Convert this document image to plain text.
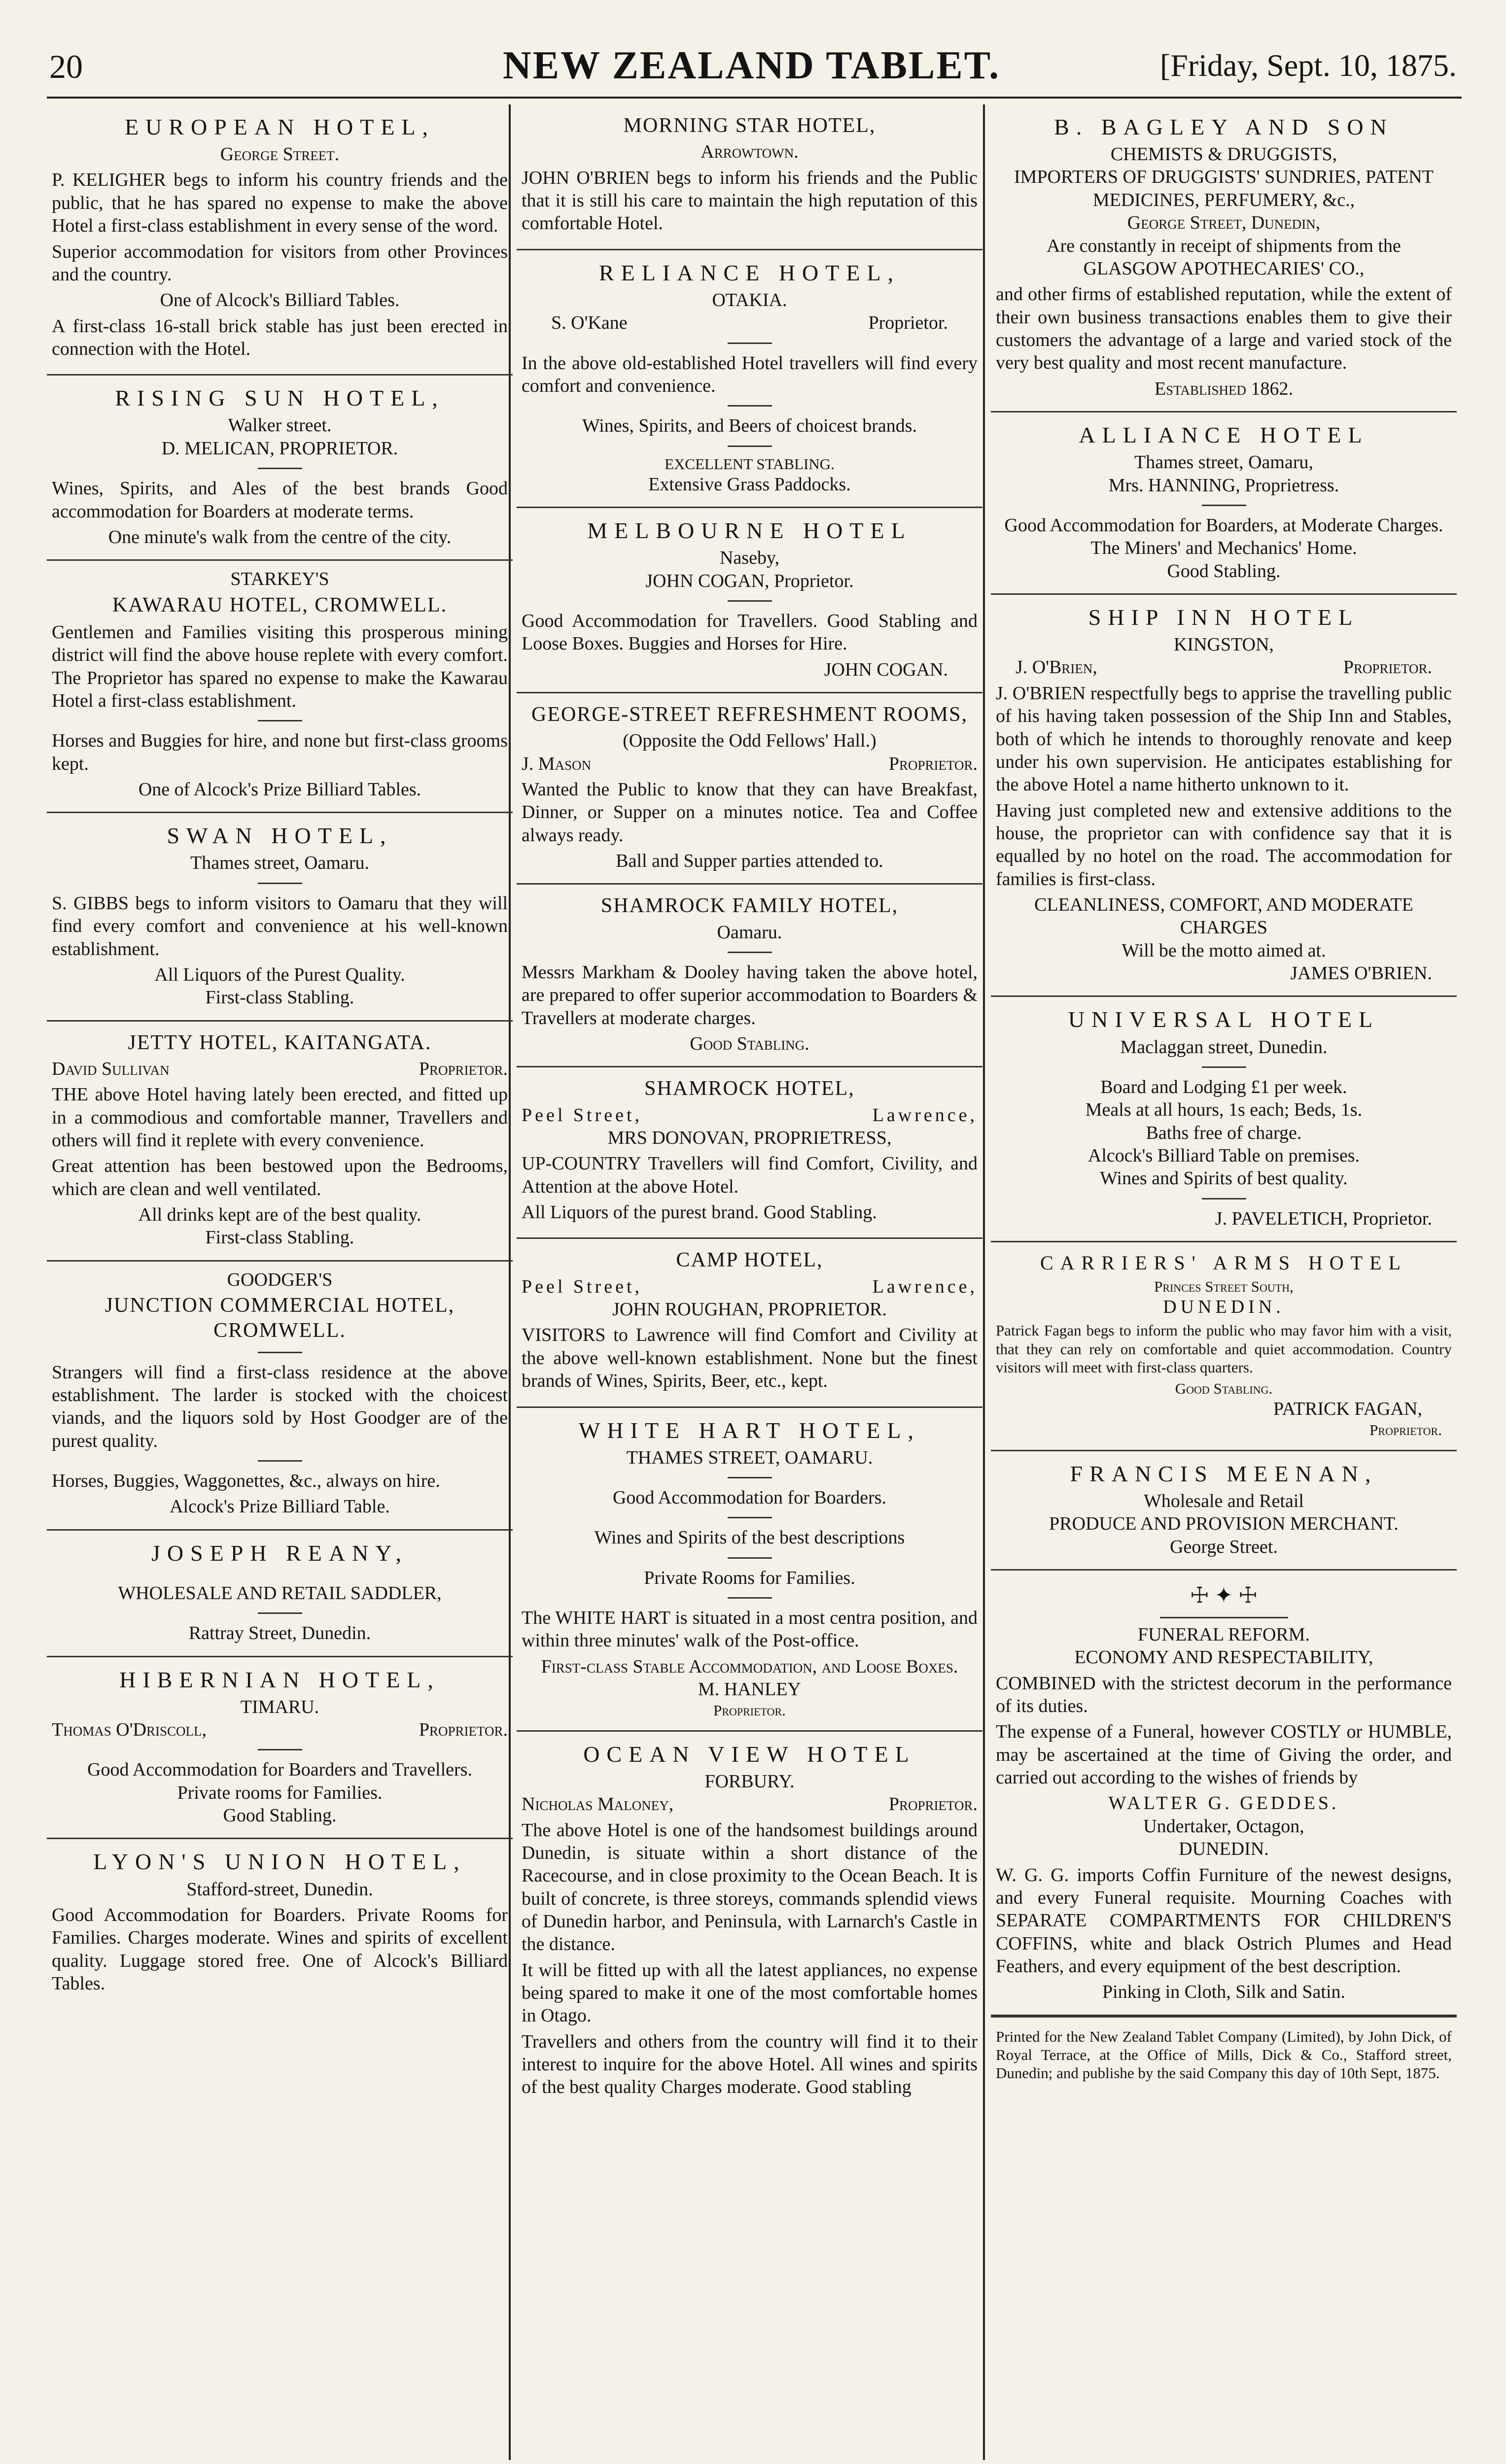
20	NEW ZEALAND TABLET.	[Friday, Sept. 10, 1875.
EUROPEAN HOTEL,
George Street.

P. KELIGHER begs to inform his country friends and the public, that he has spared no expense to make the above Hotel a first-class establishment in every sense of the word.

Superior accommodation for visitors from other Provinces and the country.

One of Alcock's Billiard Tables.

A first-class 16-stall brick stable has just been erected in connection with the Hotel.

RISING SUN HOTEL,
Walker street.
D. MELICAN, PROPRIETOR.

Wines, Spirits, and Ales of the best brands Good accommodation for Boarders at moderate terms.

One minute's walk from the centre of the city.
STARKEY'S
KAWARAU HOTEL, CROMWELL.

Gentlemen and Families visiting this prosperous mining district will find the above house replete with every comfort. The Proprietor has spared no expense to make the Kawarau Hotel a first-class establishment.

Horses and Buggies for hire, and none but first-class grooms kept.

One of Alcock's Prize Billiard Tables.
SWAN HOTEL,
Thames street, Oamaru.

S. GIBBS begs to inform visitors to Oamaru that they will find every comfort and convenience at his well-known establishment.

All Liquors of the Purest Quality.
First-class Stabling.
JETTY HOTEL, KAITANGATA.
David Sullivan	Proprietor.

THE above Hotel having lately been erected, and fitted up in a commodious and comfortable manner, Travellers and others will find it replete with every convenience.

Great attention has been bestowed upon the Bedrooms, which are clean and well ventilated.

All drinks kept are of the best quality.
First-class Stabling.
GOODGER'S
JUNCTION COMMERCIAL HOTEL, CROMWELL.

Strangers will find a first-class residence at the above establishment. The larder is stocked with the choicest viands, and the liquors sold by Host Goodger are of the purest quality.

Horses, Buggies, Waggonettes, &c., always on hire.

Alcock's Prize Billiard Table.
JOSEPH REANY,
WHOLESALE AND RETAIL SADDLER,
Rattray Street, Dunedin.
HIBERNIAN HOTEL,
TIMARU.
Thomas O'Driscoll,	Proprietor.
Good Accommodation for Boarders and Travellers.
Private rooms for Families.
Good Stabling.
LYON'S UNION HOTEL,
Stafford-street, Dunedin.

Good Accommodation for Boarders. Private Rooms for Families. Charges moderate. Wines and spirits of excellent quality. Luggage stored free. One of Alcock's Billiard Tables.

MORNING STAR HOTEL,
Arrowtown.

JOHN O'BRIEN begs to inform his friends and the Public that it is still his care to maintain the high reputation of this comfortable Hotel.

RELIANCE HOTEL,
OTAKIA.
S. O'Kane	Proprietor.

In the above old-established Hotel travellers will find every comfort and convenience.

Wines, Spirits, and Beers of choicest brands.
EXCELLENT STABLING.
Extensive Grass Paddocks.
MELBOURNE HOTEL
Naseby,
JOHN COGAN, Proprietor.

Good Accommodation for Travellers. Good Stabling and Loose Boxes. Buggies and Horses for Hire.

JOHN COGAN.
GEORGE-STREET REFRESHMENT ROOMS,
(Opposite the Odd Fellows' Hall.)
J. Mason	Proprietor.

Wanted the Public to know that they can have Breakfast, Dinner, or Supper on a minutes notice. Tea and Coffee always ready.

Ball and Supper parties attended to.
SHAMROCK FAMILY HOTEL,
Oamaru.

Messrs Markham & Dooley having taken the above hotel, are prepared to offer superior accommodation to Boarders & Travellers at moderate charges.

Good Stabling.
SHAMROCK HOTEL,
Peel Street,	Lawrence,
MRS DONOVAN, PROPRIETRESS,

UP-COUNTRY Travellers will find Comfort, Civility, and Attention at the above Hotel.

All Liquors of the purest brand. Good Stabling.

CAMP HOTEL,
Peel Street,	Lawrence,
JOHN ROUGHAN, PROPRIETOR.

VISITORS to Lawrence will find Comfort and Civility at the above well-known establishment. None but the finest brands of Wines, Spirits, Beer, etc., kept.

WHITE HART HOTEL,
THAMES STREET, OAMARU.
Good Accommodation for Boarders.
Wines and Spirits of the best descriptions
Private Rooms for Families.

The WHITE HART is situated in a most centra position, and within three minutes' walk of the Post-office.

First-class Stable Accommodation, and Loose Boxes.
M. HANLEY
Proprietor.
OCEAN VIEW HOTEL
FORBURY.
Nicholas Maloney,	Proprietor.

The above Hotel is one of the handsomest buildings around Dunedin, is situate within a short distance of the Racecourse, and in close proximity to the Ocean Beach. It is built of concrete, is three storeys, commands splendid views of Dunedin harbor, and Peninsula, with Larnarch's Castle in the distance.

It will be fitted up with all the latest appliances, no expense being spared to make it one of the most comfortable homes in Otago.

Travellers and others from the country will find it to their interest to inquire for the above Hotel. All wines and spirits of the best quality Charges moderate. Good stabling

B. BAGLEY AND SON
CHEMISTS & DRUGGISTS,
IMPORTERS OF DRUGGISTS' SUNDRIES, PATENT MEDICINES, PERFUMERY, &c.,
George Street, Dunedin,
Are constantly in receipt of shipments from the
GLASGOW APOTHECARIES' CO.,

and other firms of established reputation, while the extent of their own business transactions enables them to give their customers the advantage of a large and varied stock of the very best quality and most recent manufacture.

Established 1862.
ALLIANCE HOTEL
Thames street, Oamaru,
Mrs. HANNING, Proprietress.
Good Accommodation for Boarders, at Moderate Charges.
The Miners' and Mechanics' Home.
Good Stabling.
SHIP INN HOTEL
KINGSTON,
J. O'Brien,	Proprietor.

J. O'BRIEN respectfully begs to apprise the travelling public of his having taken possession of the Ship Inn and Stables, both of which he intends to thoroughly renovate and keep under his own supervision. He anticipates establishing for the above Hotel a name hitherto unknown to it.

Having just completed new and extensive additions to the house, the proprietor can with confidence say that it is equalled by no hotel on the road. The accommodation for families is first-class.

CLEANLINESS, COMFORT, AND MODERATE CHARGES
Will be the motto aimed at.
JAMES O'BRIEN.
UNIVERSAL HOTEL
Maclaggan street, Dunedin.
Board and Lodging £1 per week.
Meals at all hours, 1s each; Beds, 1s.
Baths free of charge.
Alcock's Billiard Table on premises.
Wines and Spirits of best quality.
J. PAVELETICH, Proprietor.
CARRIERS' ARMS HOTEL
Princes Street South,
DUNEDIN.

Patrick Fagan begs to inform the public who may favor him with a visit, that they can rely on comfortable and quiet accommodation. Country visitors will meet with first-class quarters.

Good Stabling.
PATRICK FAGAN,
Proprietor.
FRANCIS MEENAN,
Wholesale and Retail
PRODUCE AND PROVISION MERCHANT.
George Street.
☩ ✦ ☩
FUNERAL REFORM.
ECONOMY AND RESPECTABILITY,

COMBINED with the strictest decorum in the performance of its duties.

The expense of a Funeral, however COSTLY or HUMBLE, may be ascertained at the time of Giving the order, and carried out according to the wishes of friends by

WALTER G. GEDDES.
Undertaker, Octagon,
DUNEDIN.

W. G. G. imports Coffin Furniture of the newest designs, and every Funeral requisite. Mourning Coaches with SEPARATE COMPARTMENTS FOR CHILDREN'S COFFINS, white and black Ostrich Plumes and Head Feathers, and every equipment of the best description.

Pinking in Cloth, Silk and Satin.

Printed for the New Zealand Tablet Company (Limited), by John Dick, of Royal Terrace, at the Office of Mills, Dick & Co., Stafford street, Dunedin; and publishe by the said Company this day of 10th Sept, 1875.
